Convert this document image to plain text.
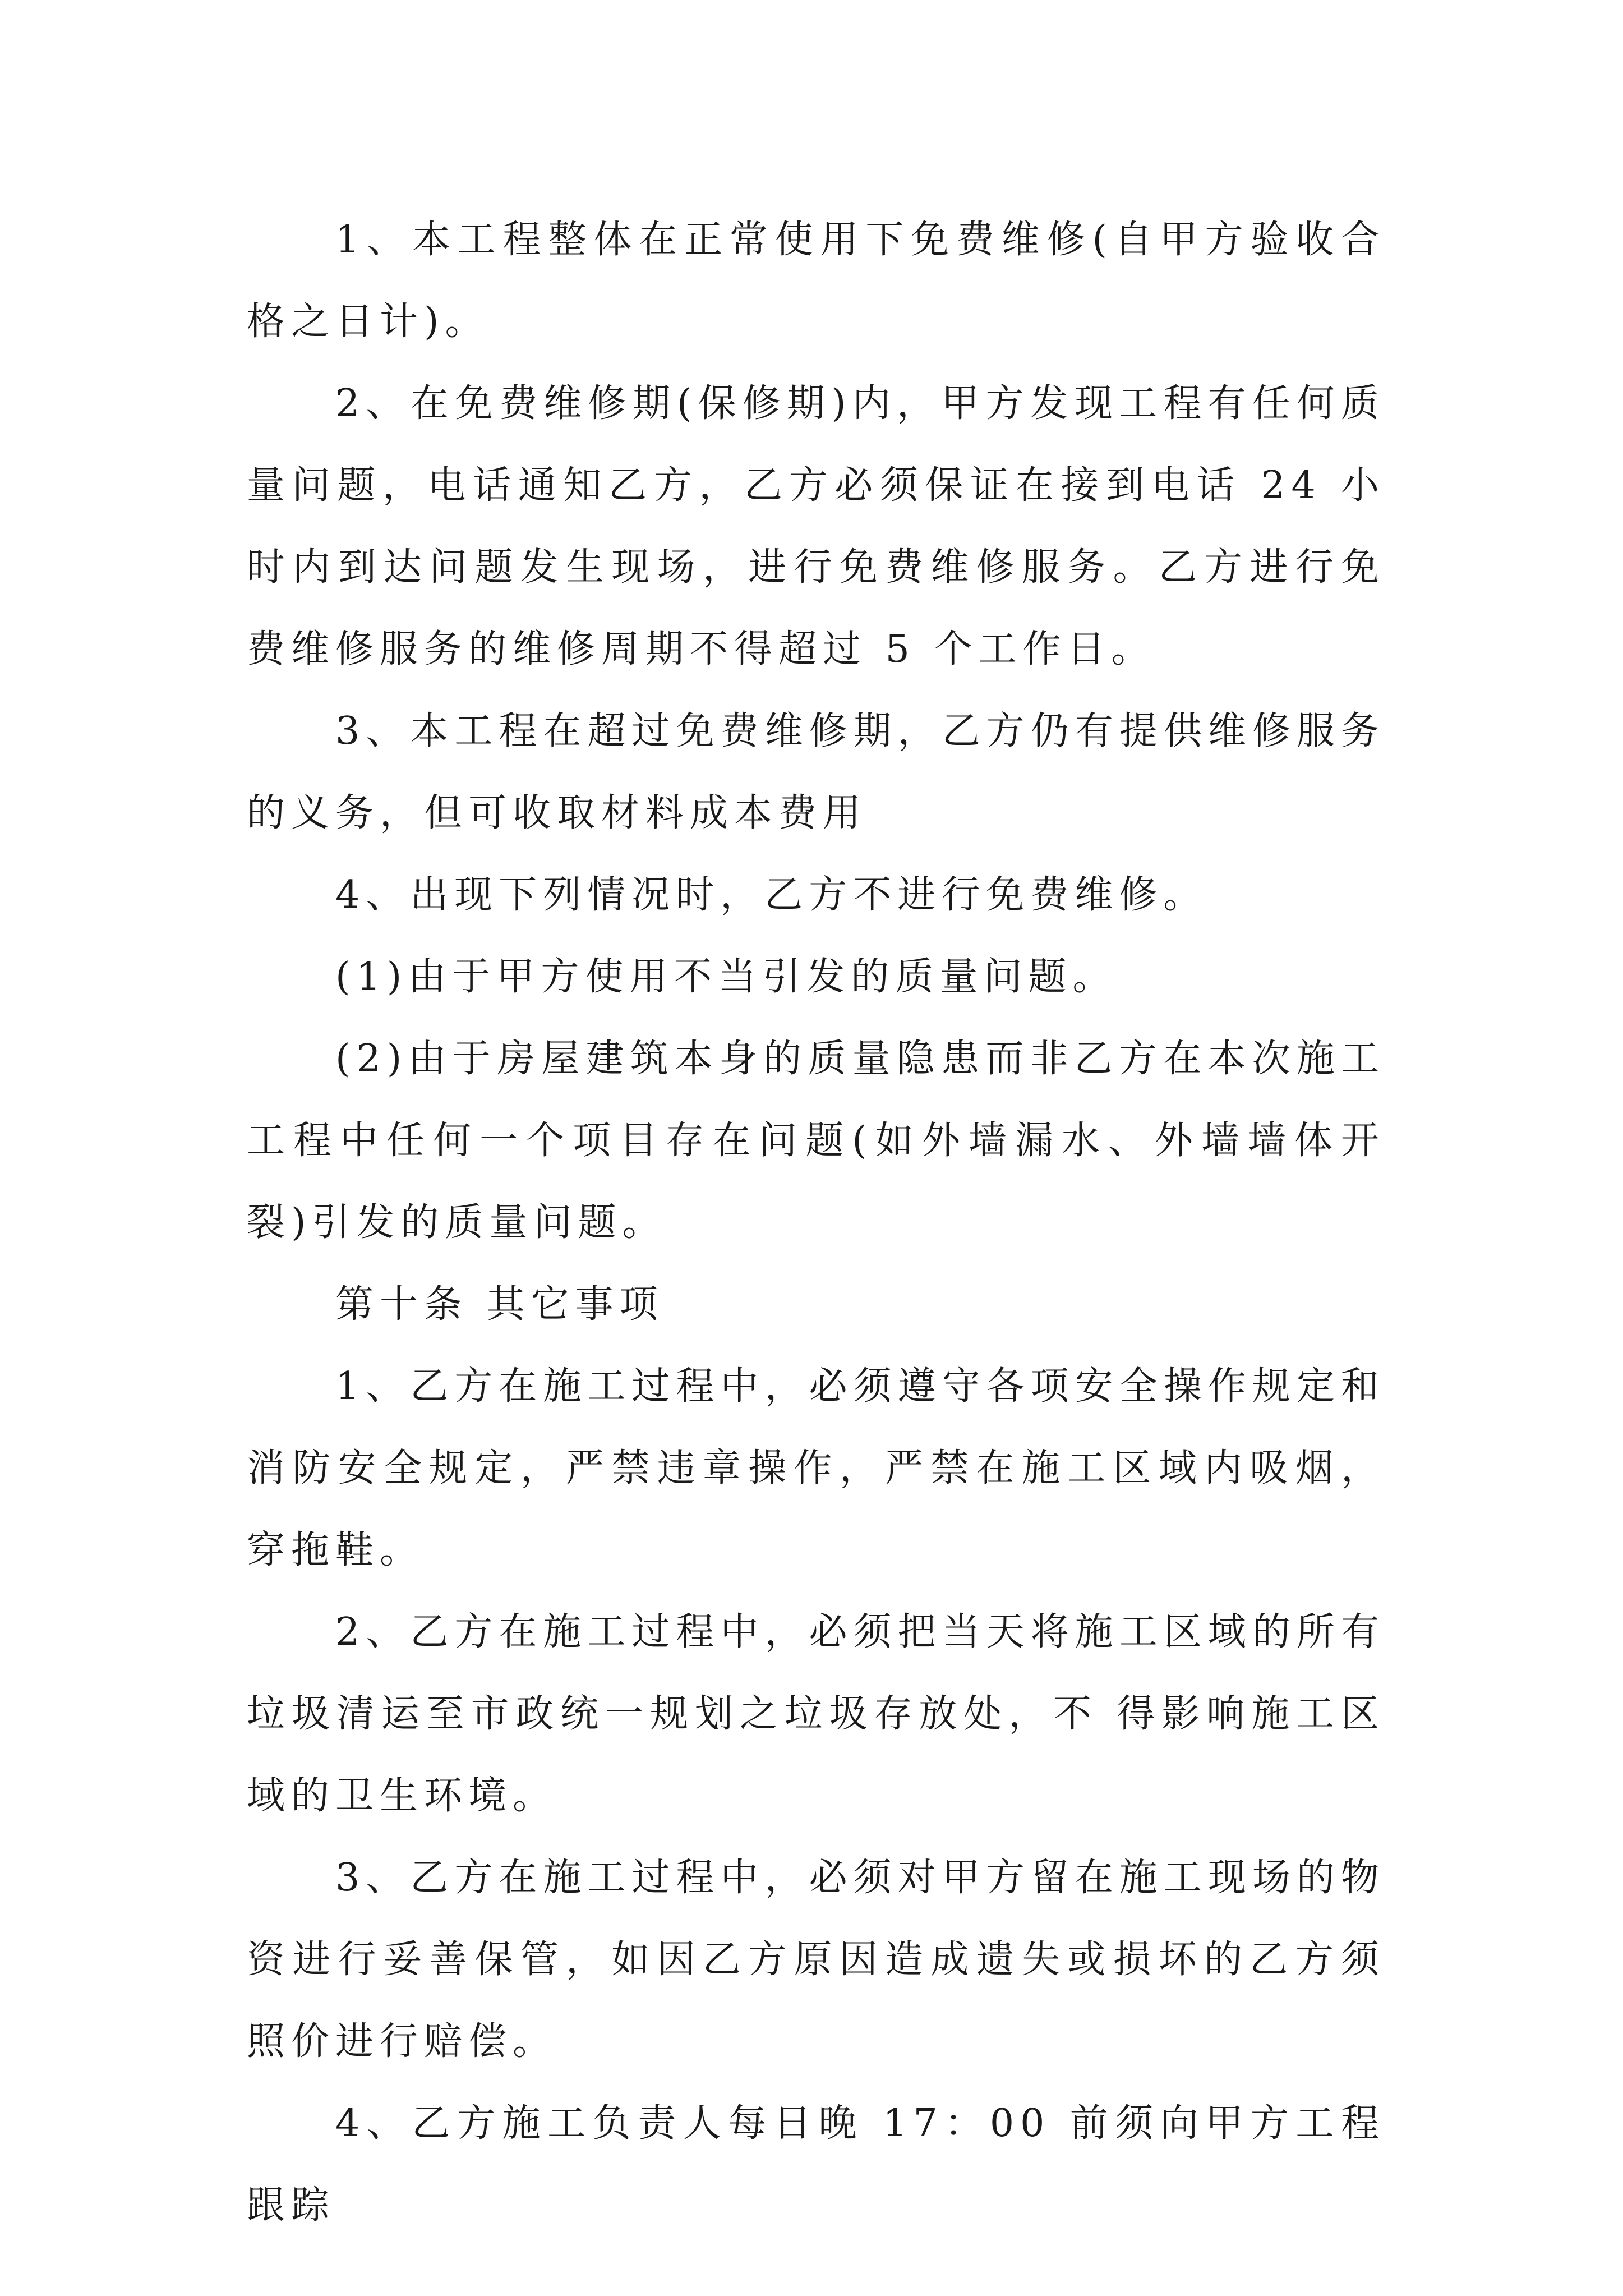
1、本工程整体在正常使用下免费维修(自甲方验收合格之日计)。

2、在免费维修期(保修期)内，甲方发现工程有任何质量问题，电话通知乙方，乙方必须保证在接到电话 24 小时内到达问题发生现场，进行免费维修服务。乙方进行免费维修服务的维修周期不得超过 5 个工作日。

3、本工程在超过免费维修期，乙方仍有提供维修服务的义务，但可收取材料成本费用

4、出现下列情况时，乙方不进行免费维修。

(1)由于甲方使用不当引发的质量问题。

(2)由于房屋建筑本身的质量隐患而非乙方在本次施工工程中任何一个项目存在问题(如外墙漏水、外墙墙体开裂)引发的质量问题。

第十条 其它事项

1、乙方在施工过程中，必须遵守各项安全操作规定和消防安全规定，严禁违章操作，严禁在施工区域内吸烟，穿拖鞋。

2、乙方在施工过程中，必须把当天将施工区域的所有垃圾清运至市政统一规划之垃圾存放处，不 得影响施工区域的卫生环境。

3、乙方在施工过程中，必须对甲方留在施工现场的物资进行妥善保管，如因乙方原因造成遗失或损坏的乙方须照价进行赔偿。

4、乙方施工负责人每日晚 17：00 前须向甲方工程跟踪
